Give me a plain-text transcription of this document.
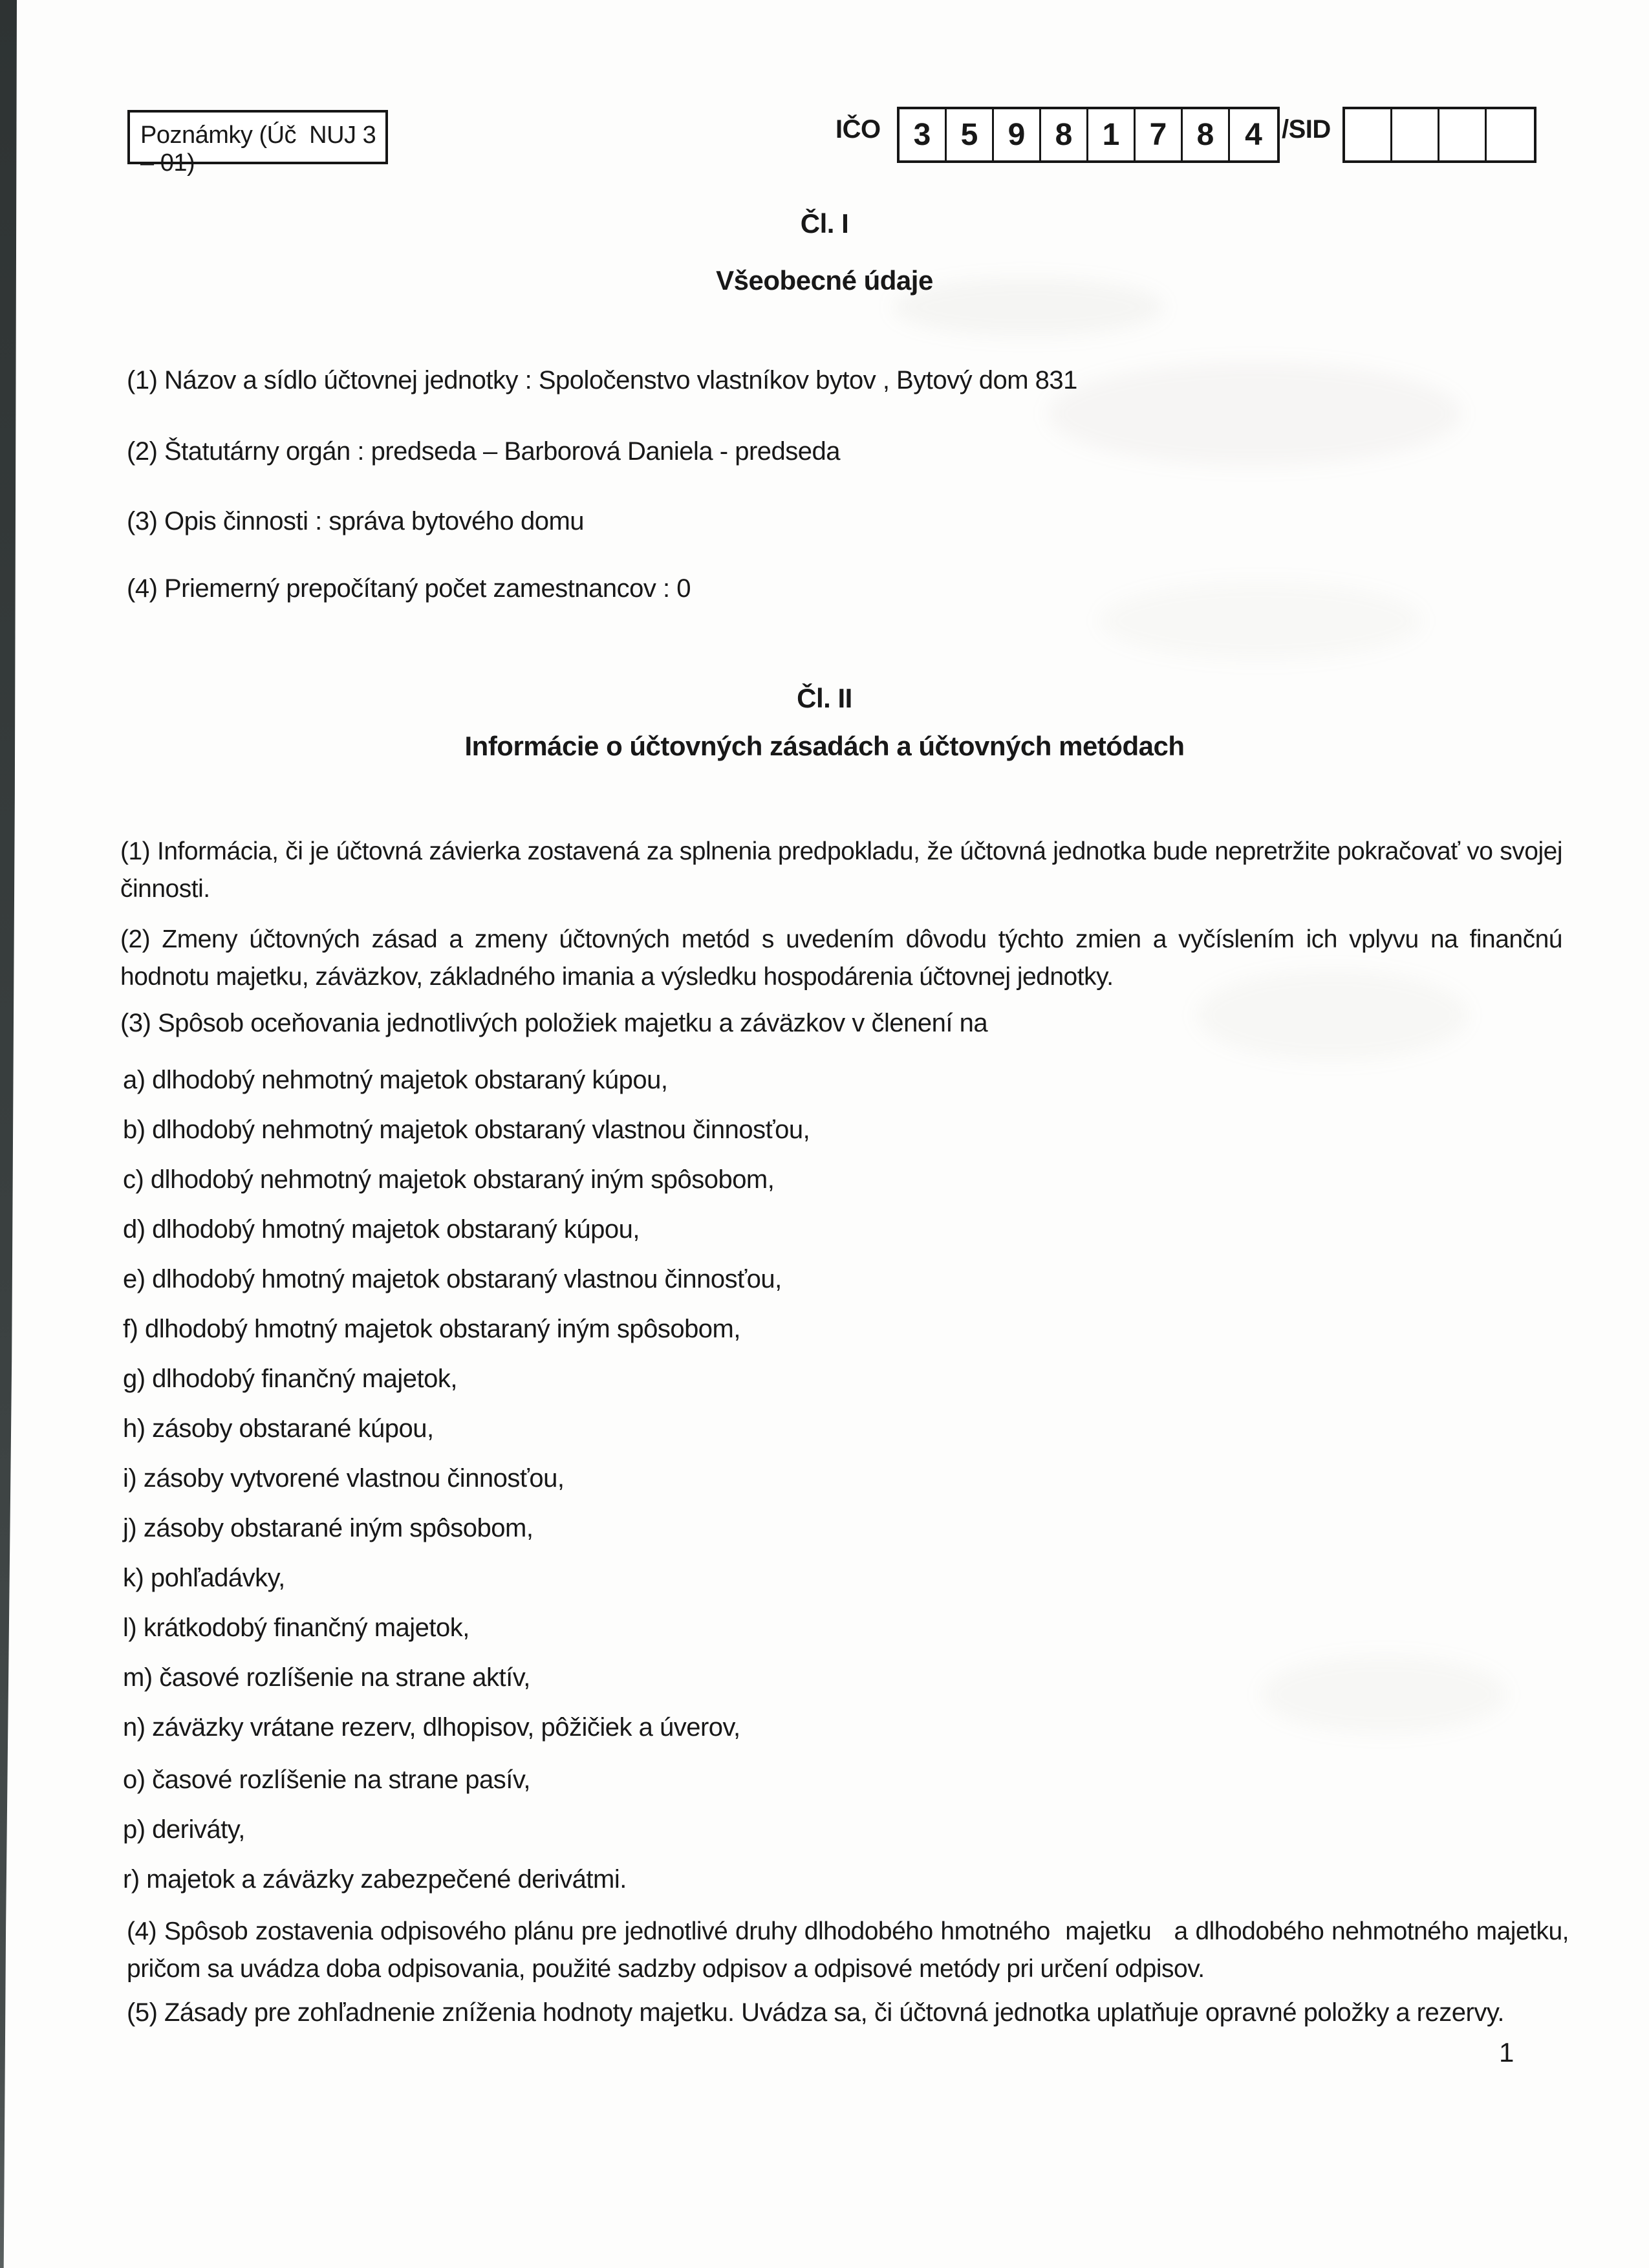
Poznámky (Úč  NUJ 3 – 01)
IČO	3 5 9 8 1 7 8 4 /SID
Čl. I
Všeobecné údaje
(1) Názov a sídlo účtovnej jednotky : Spoločenstvo vlastníkov bytov , Bytový dom 831
(2) Štatutárny orgán : predseda – Barborová Daniela - predseda
(3) Opis činnosti : správa bytového domu
(4) Priemerný prepočítaný počet zamestnancov : 0
Čl. II
Informácie o účtovných zásadách a účtovných metódach
(1) Informácia, či je účtovná závierka zostavená za splnenia predpokladu, že účtovná jednotka bude nepretržite pokračovať vo svojej činnosti.
(2) Zmeny účtovných zásad a zmeny účtovných metód s uvedením dôvodu týchto zmien a vyčíslením ich vplyvu na finančnú hodnotu majetku, záväzkov, základného imania a výsledku hospodárenia účtovnej jednotky.
(3) Spôsob oceňovania jednotlivých položiek majetku a záväzkov v členení na
a) dlhodobý nehmotný majetok obstaraný kúpou,
b) dlhodobý nehmotný majetok obstaraný vlastnou činnosťou,
c) dlhodobý nehmotný majetok obstaraný iným spôsobom,
d) dlhodobý hmotný majetok obstaraný kúpou,
e) dlhodobý hmotný majetok obstaraný vlastnou činnosťou,
f) dlhodobý hmotný majetok obstaraný iným spôsobom,
g) dlhodobý finančný majetok,
h) zásoby obstarané kúpou,
i) zásoby vytvorené vlastnou činnosťou,
j) zásoby obstarané iným spôsobom,
k) pohľadávky,
l) krátkodobý finančný majetok,
m) časové rozlíšenie na strane aktív,
n) záväzky vrátane rezerv, dlhopisov, pôžičiek a úverov,
o) časové rozlíšenie na strane pasív,
p) deriváty,
r) majetok a záväzky zabezpečené derivátmi.
(4) Spôsob zostavenia odpisového plánu pre jednotlivé druhy dlhodobého hmotného  majetku   a dlhodobého nehmotného majetku, pričom sa uvádza doba odpisovania, použité sadzby odpisov a odpisové metódy pri určení odpisov.
(5) Zásady pre zohľadnenie zníženia hodnoty majetku. Uvádza sa, či účtovná jednotka uplatňuje opravné položky a rezervy.
1
